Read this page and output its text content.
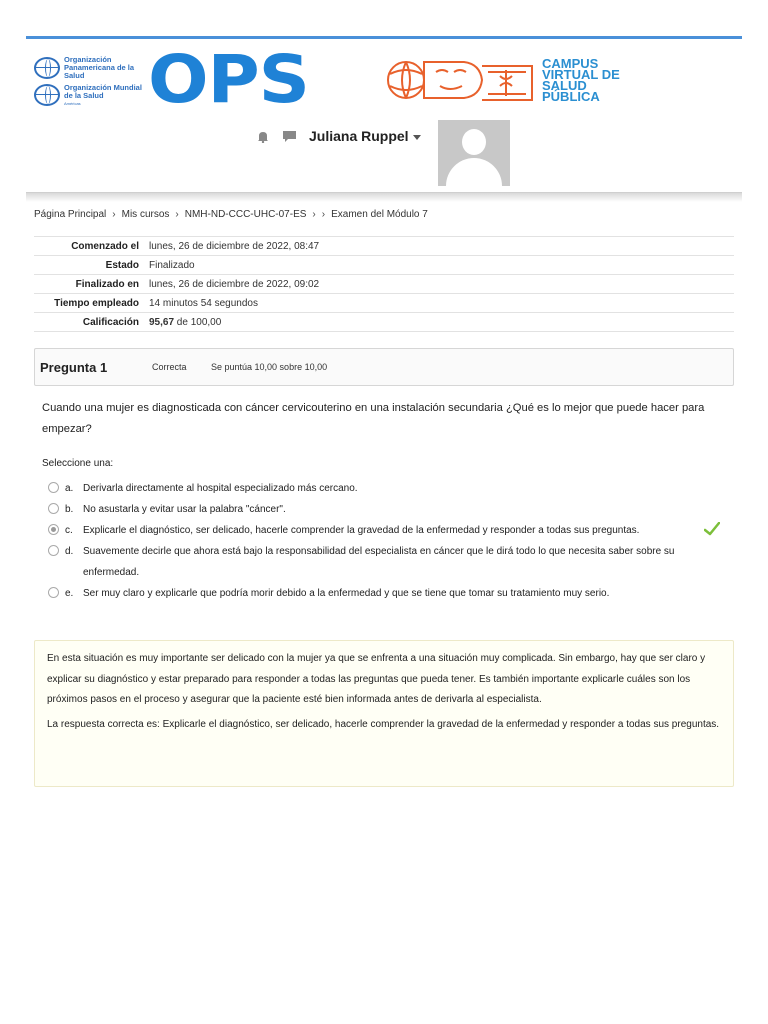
Organización Panamericana de la Salud
Organización Mundial de la Salud
Américas	OPS	CAMPUS VIRTUAL DE SALUD PÚBLICA
Juliana Ruppel
Página Principal › Mis cursos › NMH-ND-CCC-UHC-07-ES › › Examen del Módulo 7
Comenzado el	lunes, 26 de diciembre de 2022, 08:47
Estado	Finalizado
Finalizado en	lunes, 26 de diciembre de 2022, 09:02
Tiempo empleado	14 minutos 54 segundos
Calificación	95,67 de 100,00
Pregunta 1	Correcta	Se puntúa 10,00 sobre 10,00
Cuando una mujer es diagnosticada con cáncer cervicouterino en una instalación secundaria ¿Qué es lo mejor que puede hacer para empezar?
Seleccione una:
a. Derivarla directamente al hospital especializado más cercano.
b. No asustarla y evitar usar la palabra "cáncer".
c.	Explicarle el diagnóstico, ser delicado, hacerle comprender la gravedad de la enfermedad y responder a todas sus preguntas.
d. Suavemente decirle que ahora está bajo la responsabilidad del especialista en cáncer que le dirá todo lo que necesita saber sobre su enfermedad.
e. Ser muy claro y explicarle que podría morir debido a la enfermedad y que se tiene que tomar su tratamiento muy serio.

En esta situación es muy importante ser delicado con la mujer ya que se enfrenta a una situación muy complicada. Sin embargo, hay que ser claro y explicar su diagnóstico y estar preparado para responder a todas las preguntas que pueda tener. Es también importante explicarle cuáles son los próximos pasos en el proceso y asegurar que la paciente esté bien informada antes de derivarla al especialista.

La respuesta correcta es: Explicarle el diagnóstico, ser delicado, hacerle comprender la gravedad de la enfermedad y responder a todas sus preguntas.
